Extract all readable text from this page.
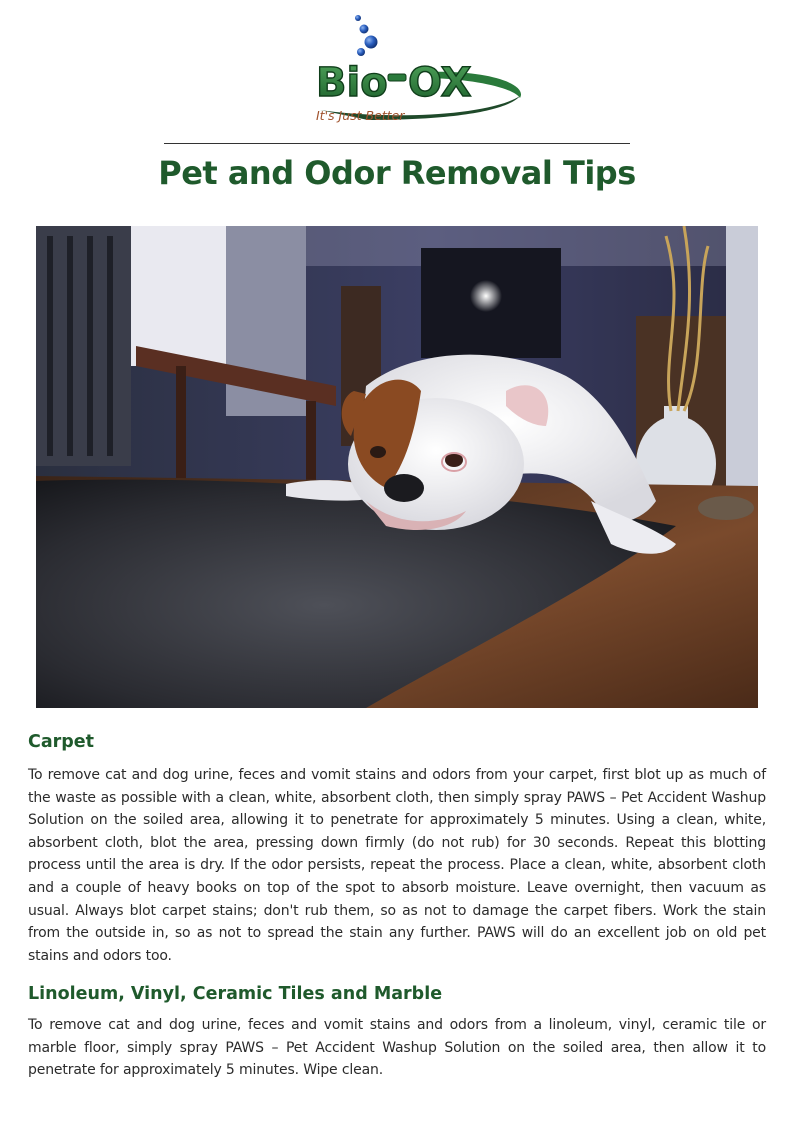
Bio OX
It's Just Better
Pet and Odor Removal Tips
Carpet

To remove cat and dog urine, feces and vomit stains and odors from your carpet, first blot up as much of the waste as possible with a clean, white, absorbent cloth, then simply spray PAWS – Pet Accident Washup Solution on the soiled area, allowing it to penetrate for approximately 5 minutes. Using a clean, white, absorbent cloth, blot the area, pressing down firmly (do not rub) for 30 seconds. Repeat this blotting process until the area is dry. If the odor persists, repeat the process. Place a clean, white, absorbent cloth and a couple of heavy books on top of the spot to absorb moisture. Leave overnight, then vacuum as usual. Always blot carpet stains; don't rub them, so as not to damage the carpet fibers. Work the stain from the outside in, so as not to spread the stain any further. PAWS will do an excellent job on old pet stains and odors too.

Linoleum, Vinyl, Ceramic Tiles and Marble

To remove cat and dog urine, feces and vomit stains and odors from a linoleum, vinyl, ceramic tile or marble floor, simply spray PAWS – Pet Accident Washup Solution on the soiled area, then allow it to penetrate for approximately 5 minutes. Wipe clean.
